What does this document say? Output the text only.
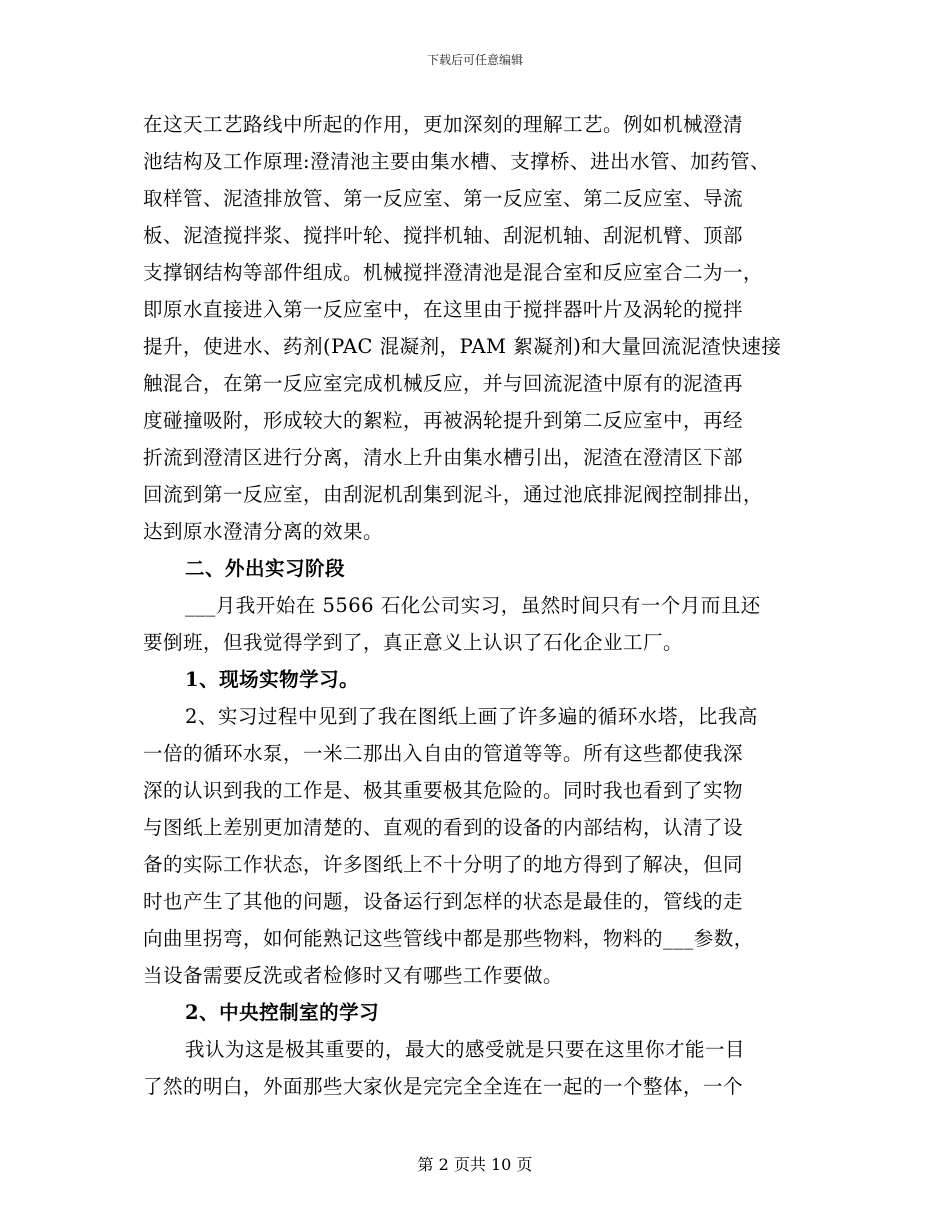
下载后可任意编辑
在这天工艺路线中所起的作用，更加深刻的理解工艺。例如机械澄清
池结构及工作原理:澄清池主要由集水槽、支撑桥、进出水管、加药管、
取样管、泥渣排放管、第一反应室、第一反应室、第二反应室、导流
板、泥渣搅拌浆、搅拌叶轮、搅拌机轴、刮泥机轴、刮泥机臂、顶部
支撑钢结构等部件组成。机械搅拌澄清池是混合室和反应室合二为一，
即原水直接进入第一反应室中，在这里由于搅拌器叶片及涡轮的搅拌
提升，使进水、药剂(PAC 混凝剂，PAM 絮凝剂)和大量回流泥渣快速接
触混合，在第一反应室完成机械反应，并与回流泥渣中原有的泥渣再
度碰撞吸附，形成较大的絮粒，再被涡轮提升到第二反应室中，再经
折流到澄清区进行分离，清水上升由集水槽引出，泥渣在澄清区下部
回流到第一反应室，由刮泥机刮集到泥斗，通过池底排泥阀控制排出，
达到原水澄清分离的效果。
二、外出实习阶段
___月我开始在 5566 石化公司实习，虽然时间只有一个月而且还
要倒班，但我觉得学到了，真正意义上认识了石化企业工厂。
1、现场实物学习。
2、实习过程中见到了我在图纸上画了许多遍的循环水塔，比我高
一倍的循环水泵，一米二那出入自由的管道等等。所有这些都使我深
深的认识到我的工作是、极其重要极其危险的。同时我也看到了实物
与图纸上差别更加清楚的、直观的看到的设备的内部结构，认清了设
备的实际工作状态，许多图纸上不十分明了的地方得到了解决，但同
时也产生了其他的问题，设备运行到怎样的状态是最佳的，管线的走
向曲里拐弯，如何能熟记这些管线中都是那些物料，物料的___参数，
当设备需要反洗或者检修时又有哪些工作要做。
2、中央控制室的学习
我认为这是极其重要的，最大的感受就是只要在这里你才能一目
了然的明白，外面那些大家伙是完完全全连在一起的一个整体，一个
第 2 页共 10 页
